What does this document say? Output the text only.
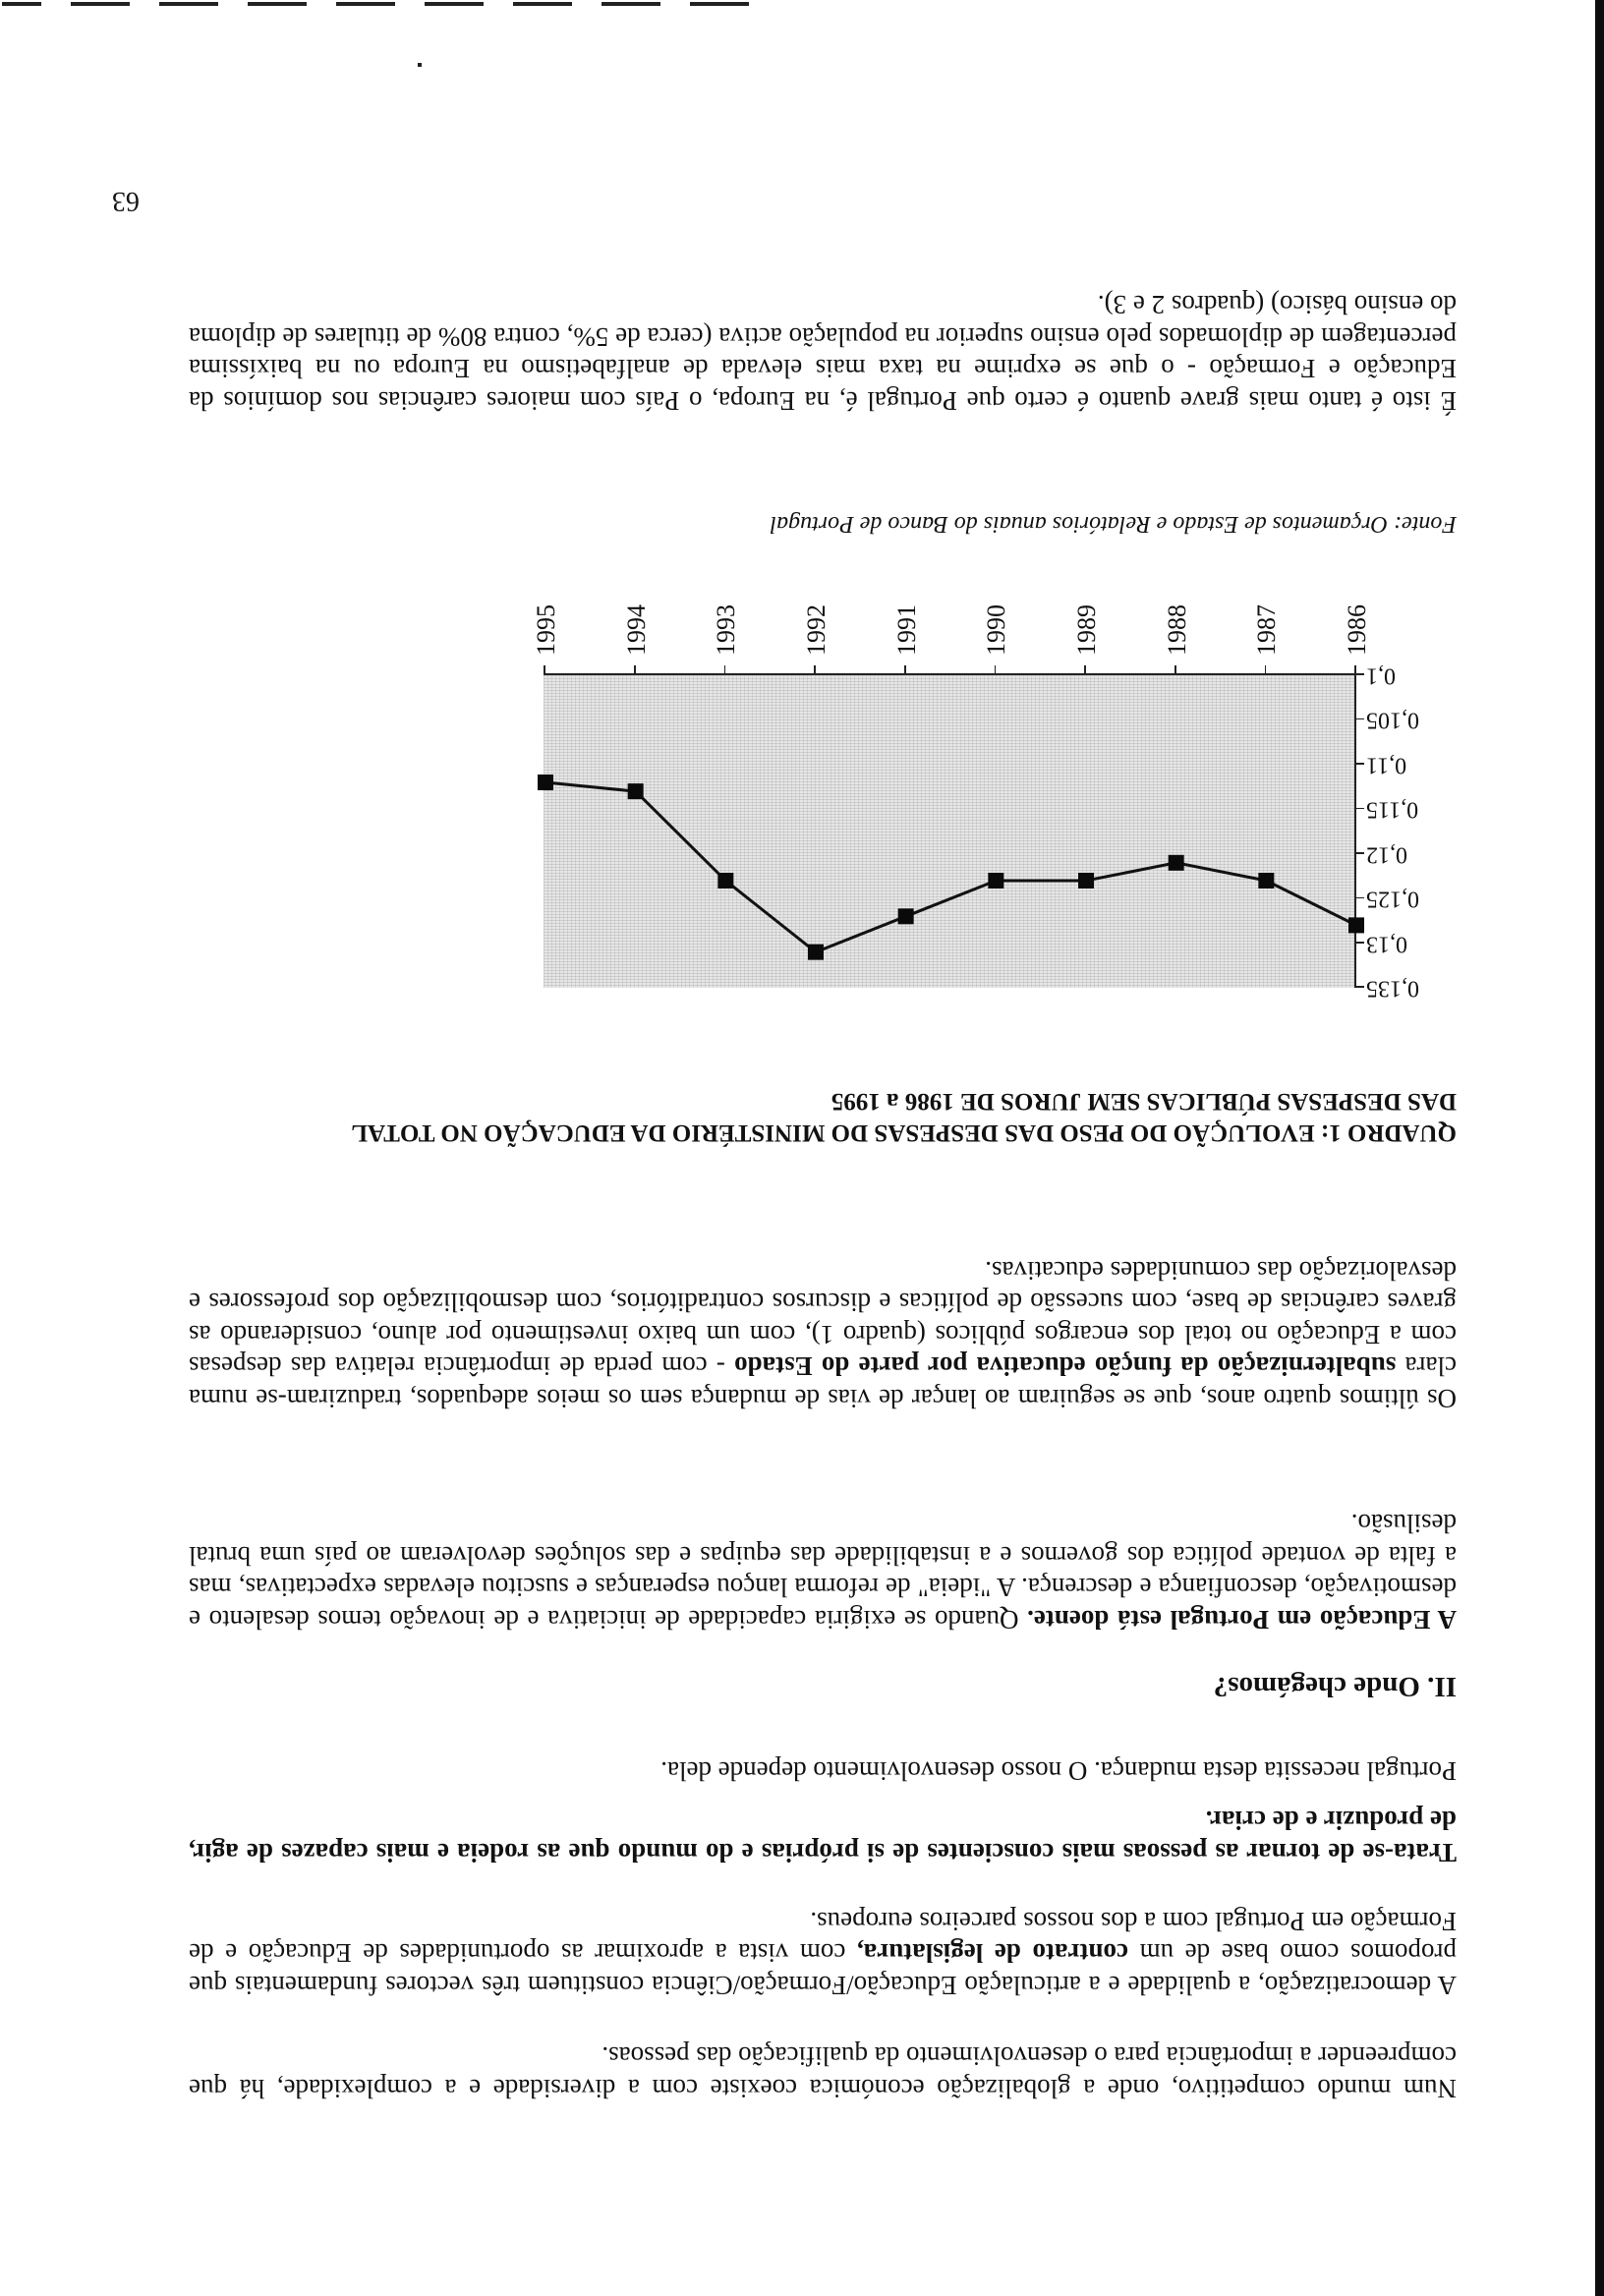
Num mundo competitivo, onde a globalização económica coexiste com a diversidade e a complexidade, há que compreender a importância para o desenvolvimento da qualificação das pessoas.

A democratização, a qualidade e a articulação Educação/Formação/Ciência constituem três vectores fundamentais que propomos como base de um contrato de legislatura, com vista a aproximar as oportunidades de Educação e de Formação em Portugal com a dos nossos parceiros europeus.

Trata-se de tornar as pessoas mais conscientes de si próprias e do mundo que as rodeia e mais capazes de agir, de produzir e de criar.

Portugal necessita desta mudança. O nosso desenvolvimento depende dela.

II. Onde chegámos?

A Educação em Portugal está doente. Quando se exigiria capacidade de iniciativa e de inovação temos desalento e desmotivação, desconfiança e descrença. A "ideia" de reforma lançou esperanças e suscitou elevadas expectativas, mas a falta de vontade política dos governos e a instabilidade das equipas e das soluções devolveram ao país uma brutal desilusão.

Os últimos quatro anos, que se seguiram ao lançar de vias de mudança sem os meios adequados, traduziram-se numa clara subalternização da função educativa por parte do Estado - com perda de importância relativa das despesas com a Educação no total dos encargos públicos (quadro 1), com um baixo investimento por aluno, considerando as graves carências de base, com sucessão de políticas e discursos contraditórios, com desmobilização dos professores e desvalorização das comunidades educativas.

QUADRO 1: EVOLUÇÃO DO PESO DAS DESPESAS DO MINISTÉRIO DA EDUCAÇÃO NO TOTAL
DAS DESPESAS PÚBLICAS SEM JUROS DE 1986 a 1995
0,1
0,105
0,11
0,115
0,12
0,125
0,13
0,135
1986
1987
1988
1989
1990
1991
1992
1993
1994
1995
Fonte: Orçamentos de Estado e Relatórios anuais do Banco de Portugal

É isto é tanto mais grave quanto é certo que Portugal é, na Europa, o País com maiores carências nos domínios da Educação e Formação - o que se exprime na taxa mais elevada de analfabetismo na Europa ou na baixíssima percentagem de diplomados pelo ensino superior na população activa (cerca de 5%, contra 80% de titulares de diploma do ensino básico) (quadros 2 e 3).

63
